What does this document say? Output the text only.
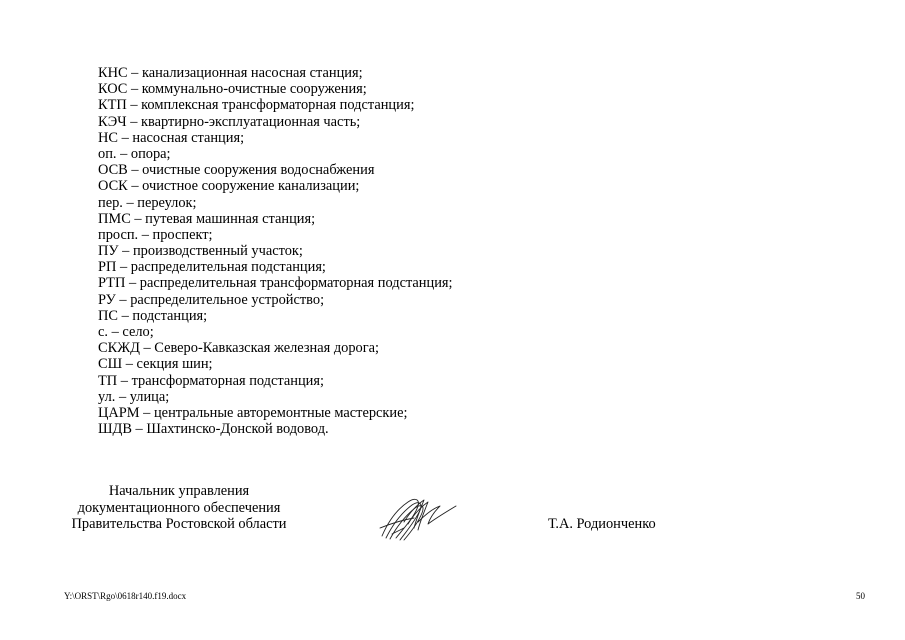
КНС – канализационная насосная станция;
КОС – коммунально-очистные сооружения;
КТП – комплексная трансформаторная подстанция;
КЭЧ – квартирно-эксплуатационная часть;
НС – насосная станция;
оп. – опора;
ОСВ – очистные сооружения водоснабжения
ОСК – очистное сооружение канализации;
пер. – переулок;
ПМС – путевая машинная станция;
просп. – проспект;
ПУ – производственный участок;
РП – распределительная подстанция;
РТП – распределительная трансформаторная подстанция;
РУ – распределительное устройство;
ПС – подстанция;
с. – село;
СКЖД – Северо-Кавказская железная дорога;
СШ – секция шин;
ТП – трансформаторная подстанция;
ул. – улица;
ЦАРМ – центральные авторемонтные мастерские;
ШДВ – Шахтинско-Донской водовод.
Начальник управления
документационного обеспечения
Правительства Ростовской области	Т.А. Родионченко
Y:\ORST\Rgo\0618r140.f19.docx	50
